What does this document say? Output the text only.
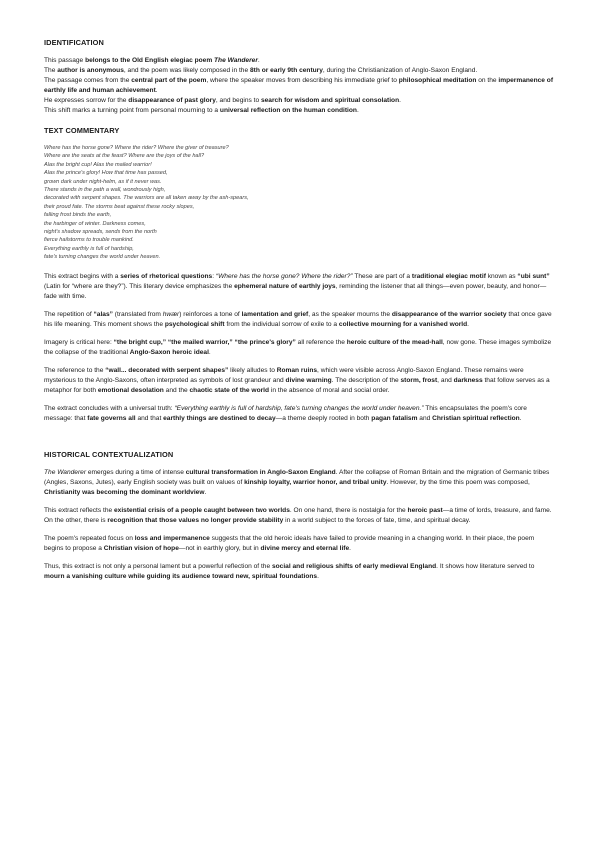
IDENTIFICATION
This passage belongs to the Old English elegiac poem The Wanderer.
The author is anonymous, and the poem was likely composed in the 8th or early 9th century, during the Christianization of Anglo-Saxon England.
The passage comes from the central part of the poem, where the speaker moves from describing his immediate grief to philosophical meditation on the impermanence of earthly life and human achievement.
He expresses sorrow for the disappearance of past glory, and begins to search for wisdom and spiritual consolation.
This shift marks a turning point from personal mourning to a universal reflection on the human condition.
TEXT COMMENTARY
Where has the horse gone? Where the rider? Where the giver of treasure?
Where are the seats at the feast? Where are the joys of the hall?
Alas the bright cup! Alas the mailed warrior!
Alas the prince's glory! How that time has passed,
grown dark under night-helm, as if it never was.
There stands in the path a wall, wondrously high,
decorated with serpent shapes. The warriors are all taken away by the ash-spears,
their proud fate. The storms beat against these rocky slopes,
falling frost binds the earth,
the harbinger of winter. Darkness comes,
night's shadow spreads, sends from the north
fierce hailstorms to trouble mankind.
Everything earthly is full of hardship,
fate's turning changes the world under heaven.

This extract begins with a series of rhetorical questions: “Where has the horse gone? Where the rider?” These are part of a traditional elegiac motif known as “ubi sunt” (Latin for “where are they?”). This literary device emphasizes the ephemeral nature of earthly joys, reminding the listener that all things—even power, beauty, and honor—fade with time.

The repetition of “alas” (translated from hwær) reinforces a tone of lamentation and grief, as the speaker mourns the disappearance of the warrior society that once gave his life meaning. This moment shows the psychological shift from the individual sorrow of exile to a collective mourning for a vanished world.

Imagery is critical here: “the bright cup,” “the mailed warrior,” “the prince's glory” all reference the heroic culture of the mead-hall, now gone. These images symbolize the collapse of the traditional Anglo-Saxon heroic ideal.

The reference to the “wall... decorated with serpent shapes” likely alludes to Roman ruins, which were visible across Anglo-Saxon England. These remains were mysterious to the Anglo-Saxons, often interpreted as symbols of lost grandeur and divine warning. The description of the storm, frost, and darkness that follow serves as a metaphor for both emotional desolation and the chaotic state of the world in the absence of moral and social order.

The extract concludes with a universal truth: “Everything earthly is full of hardship, fate's turning changes the world under heaven.” This encapsulates the poem's core message: that fate governs all and that earthly things are destined to decay—a theme deeply rooted in both pagan fatalism and Christian spiritual reflection.

HISTORICAL CONTEXTUALIZATION

The Wanderer emerges during a time of intense cultural transformation in Anglo-Saxon England. After the collapse of Roman Britain and the migration of Germanic tribes (Angles, Saxons, Jutes), early English society was built on values of kinship loyalty, warrior honor, and tribal unity. However, by the time this poem was composed, Christianity was becoming the dominant worldview.

This extract reflects the existential crisis of a people caught between two worlds. On one hand, there is nostalgia for the heroic past—a time of lords, treasure, and fame. On the other, there is recognition that those values no longer provide stability in a world subject to the forces of fate, time, and spiritual decay.

The poem's repeated focus on loss and impermanence suggests that the old heroic ideals have failed to provide meaning in a changing world. In their place, the poem begins to propose a Christian vision of hope—not in earthly glory, but in divine mercy and eternal life.

Thus, this extract is not only a personal lament but a powerful reflection of the social and religious shifts of early medieval England. It shows how literature served to mourn a vanishing culture while guiding its audience toward new, spiritual foundations.
